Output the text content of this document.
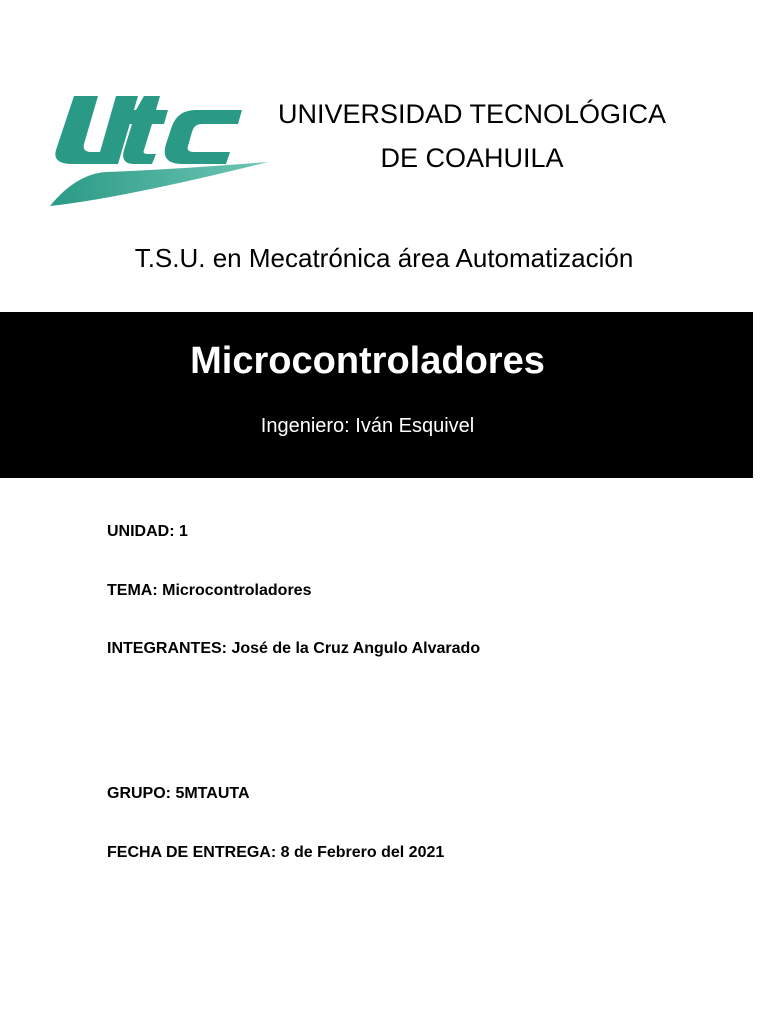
UNIVERSIDAD TECNOLÓGICA
DE COAHUILA
T.S.U. en Mecatrónica área Automatización
Microcontroladores
Ingeniero: Iván Esquivel
UNIDAD: 1
TEMA: Microcontroladores
INTEGRANTES: José de la Cruz Angulo Alvarado
GRUPO: 5MTAUTA
FECHA DE ENTREGA: 8 de Febrero del 2021
